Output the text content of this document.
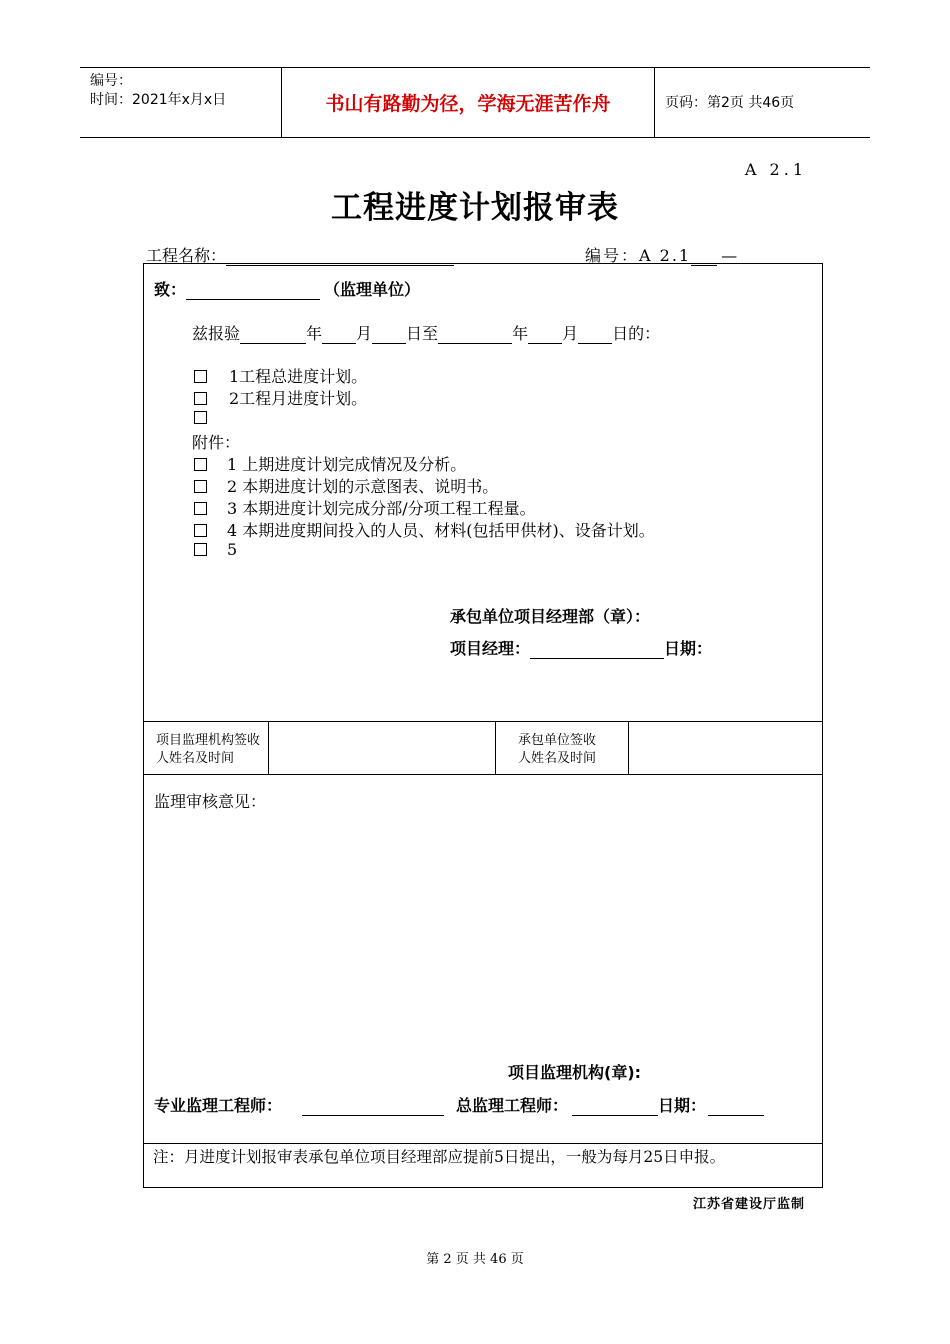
编号：
时间：2021年x月x日	书山有路勤为径，学海无涯苦作舟	页码：第2页 共46页
A 2.1
工程进度计划报审表
工程名称：	编号：A 2.1 —
致：	（监理单位）
兹报验	年 月 日至	年 月 日的：
1工程总进度计划。
2工程月进度计划。
附件：
1 上期进度计划完成情况及分析。
2 本期进度计划的示意图表、说明书。
3 本期进度计划完成分部/分项工程工程量。
4 本期进度期间投入的人员、材料(包括甲供材)、设备计划。
5
承包单位项目经理部（章）：
项目经理：	日期：
项目监理机构签收人姓名及时间
承包单位签收人姓名及时间
监理审核意见：
项目监理机构(章):
专业监理工程师：	总监理工程师：	日期：
注：月进度计划报审表承包单位项目经理部应提前5日提出，一般为每月25日申报。
江苏省建设厅监制
第 2 页 共 46 页
